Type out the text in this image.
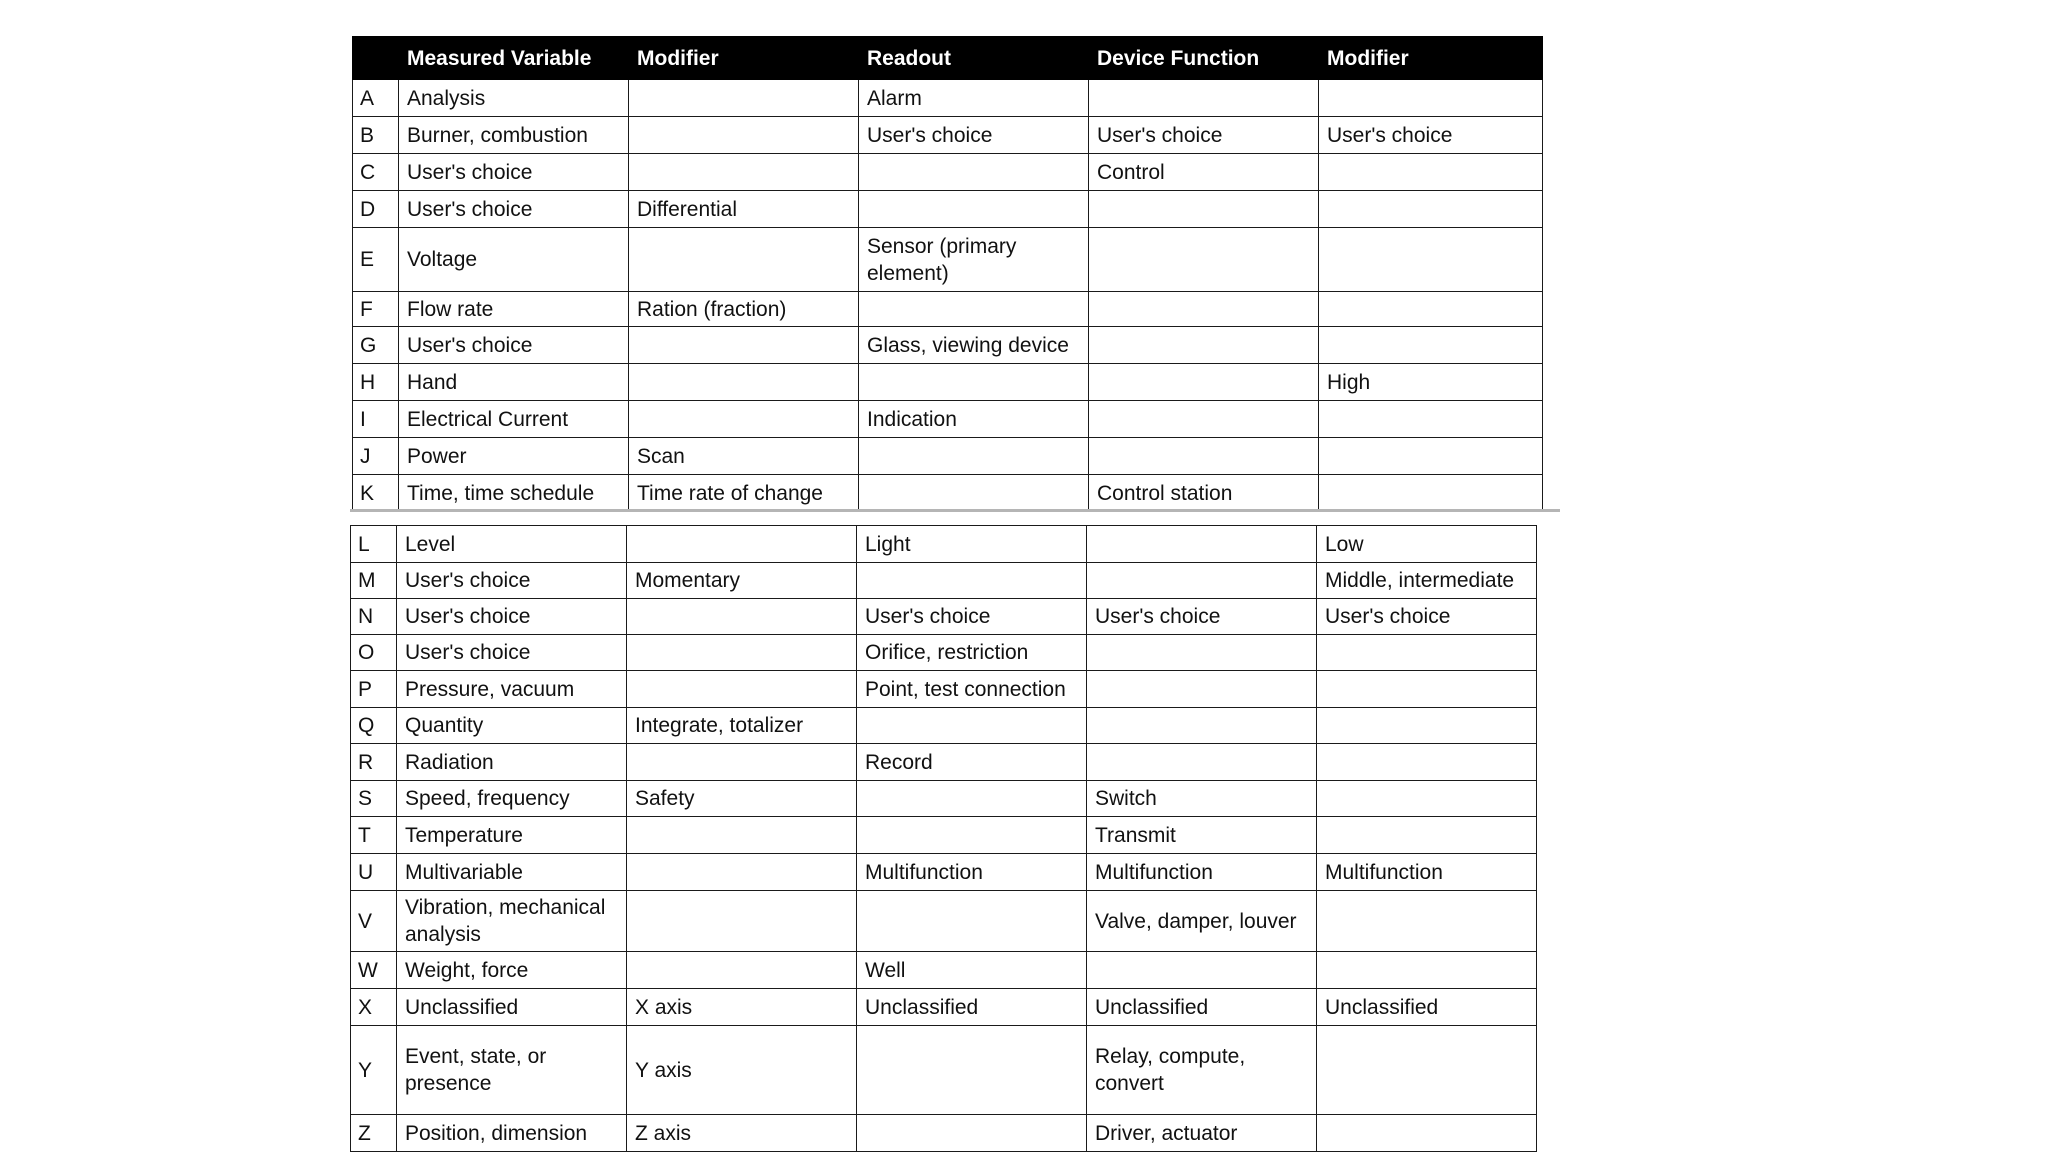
	Measured Variable	Modifier	Readout	Device Function	Modifier
A	Analysis		Alarm		
B	Burner, combustion		User's choice	User's choice	User's choice
C	User's choice			Control	
D	User's choice	Differential			
E	Voltage		Sensor (primary element)		
F	Flow rate	Ration (fraction)			
G	User's choice		Glass, viewing device		
H	Hand				High
I	Electrical Current		Indication		
J	Power	Scan			
K	Time, time schedule	Time rate of change		Control station	
L	Level		Light		Low
M	User's choice	Momentary			Middle, intermediate
N	User's choice		User's choice	User's choice	User's choice
O	User's choice		Orifice, restriction		
P	Pressure, vacuum		Point, test connection		
Q	Quantity	Integrate, totalizer			
R	Radiation		Record		
S	Speed, frequency	Safety		Switch	
T	Temperature			Transmit	
U	Multivariable		Multifunction	Multifunction	Multifunction
V	Vibration, mechanical analysis			Valve, damper, louver	
W	Weight, force		Well		
X	Unclassified	X axis	Unclassified	Unclassified	Unclassified
Y	Event, state, or presence	Y axis		Relay, compute, convert	
Z	Position, dimension	Z axis		Driver, actuator	
